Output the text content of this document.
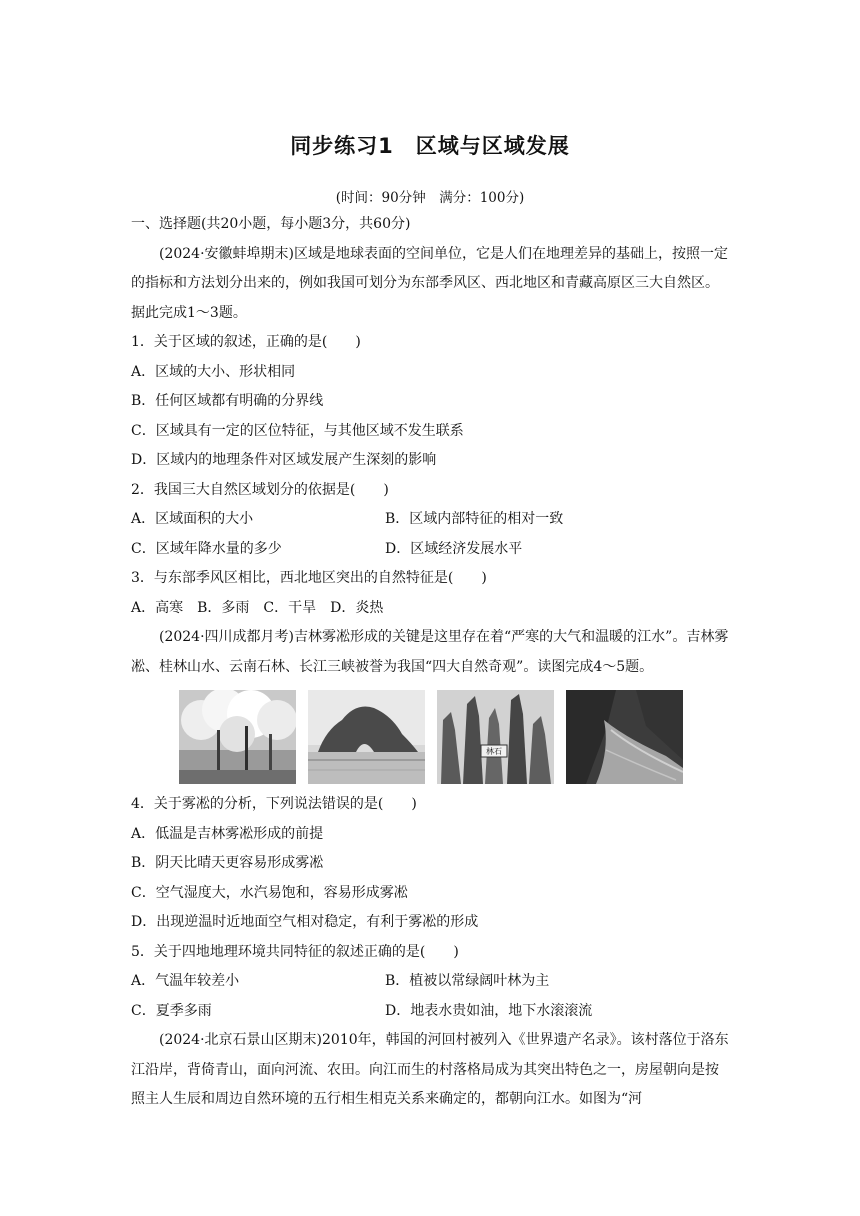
同步练习1　区域与区域发展
(时间：90分钟　满分：100分)
一、选择题(共20小题，每小题3分，共60分)
(2024·安徽蚌埠期末)区域是地球表面的空间单位，它是人们在地理差异的基础上，按照一定的指标和方法划分出来的，例如我国可划分为东部季风区、西北地区和青藏高原区三大自然区。据此完成1～3题。
1．关于区域的叙述，正确的是(　　)
A．区域的大小、形状相同
B．任何区域都有明确的分界线
C．区域具有一定的区位特征，与其他区域不发生联系
D．区域内的地理条件对区域发展产生深刻的影响
2．我国三大自然区域划分的依据是(　　)
A．区域面积的大小	B．区域内部特征的相对一致
C．区域年降水量的多少	D．区域经济发展水平
3．与东部季风区相比，西北地区突出的自然特征是(　　)
A．高寒　B．多雨　C．干旱　D．炎热
(2024·四川成都月考)吉林雾凇形成的关键是这里存在着“严寒的大气和温暖的江水”。吉林雾凇、桂林山水、云南石林、长江三峡被誉为我国“四大自然奇观”。读图完成4～5题。
林石
4．关于雾凇的分析，下列说法错误的是(　　)
A．低温是吉林雾凇形成的前提
B．阴天比晴天更容易形成雾凇
C．空气湿度大，水汽易饱和，容易形成雾凇
D．出现逆温时近地面空气相对稳定，有利于雾凇的形成
5．关于四地地理环境共同特征的叙述正确的是(　　)
A．气温年较差小	B．植被以常绿阔叶林为主
C．夏季多雨	D．地表水贵如油，地下水滚滚流
(2024·北京石景山区期末)2010年，韩国的河回村被列入《世界遗产名录》。该村落位于洛东江沿岸，背倚青山，面向河流、农田。向江而生的村落格局成为其突出特色之一，房屋朝向是按照主人生辰和周边自然环境的五行相生相克关系来确定的，都朝向江水。如图为“河
